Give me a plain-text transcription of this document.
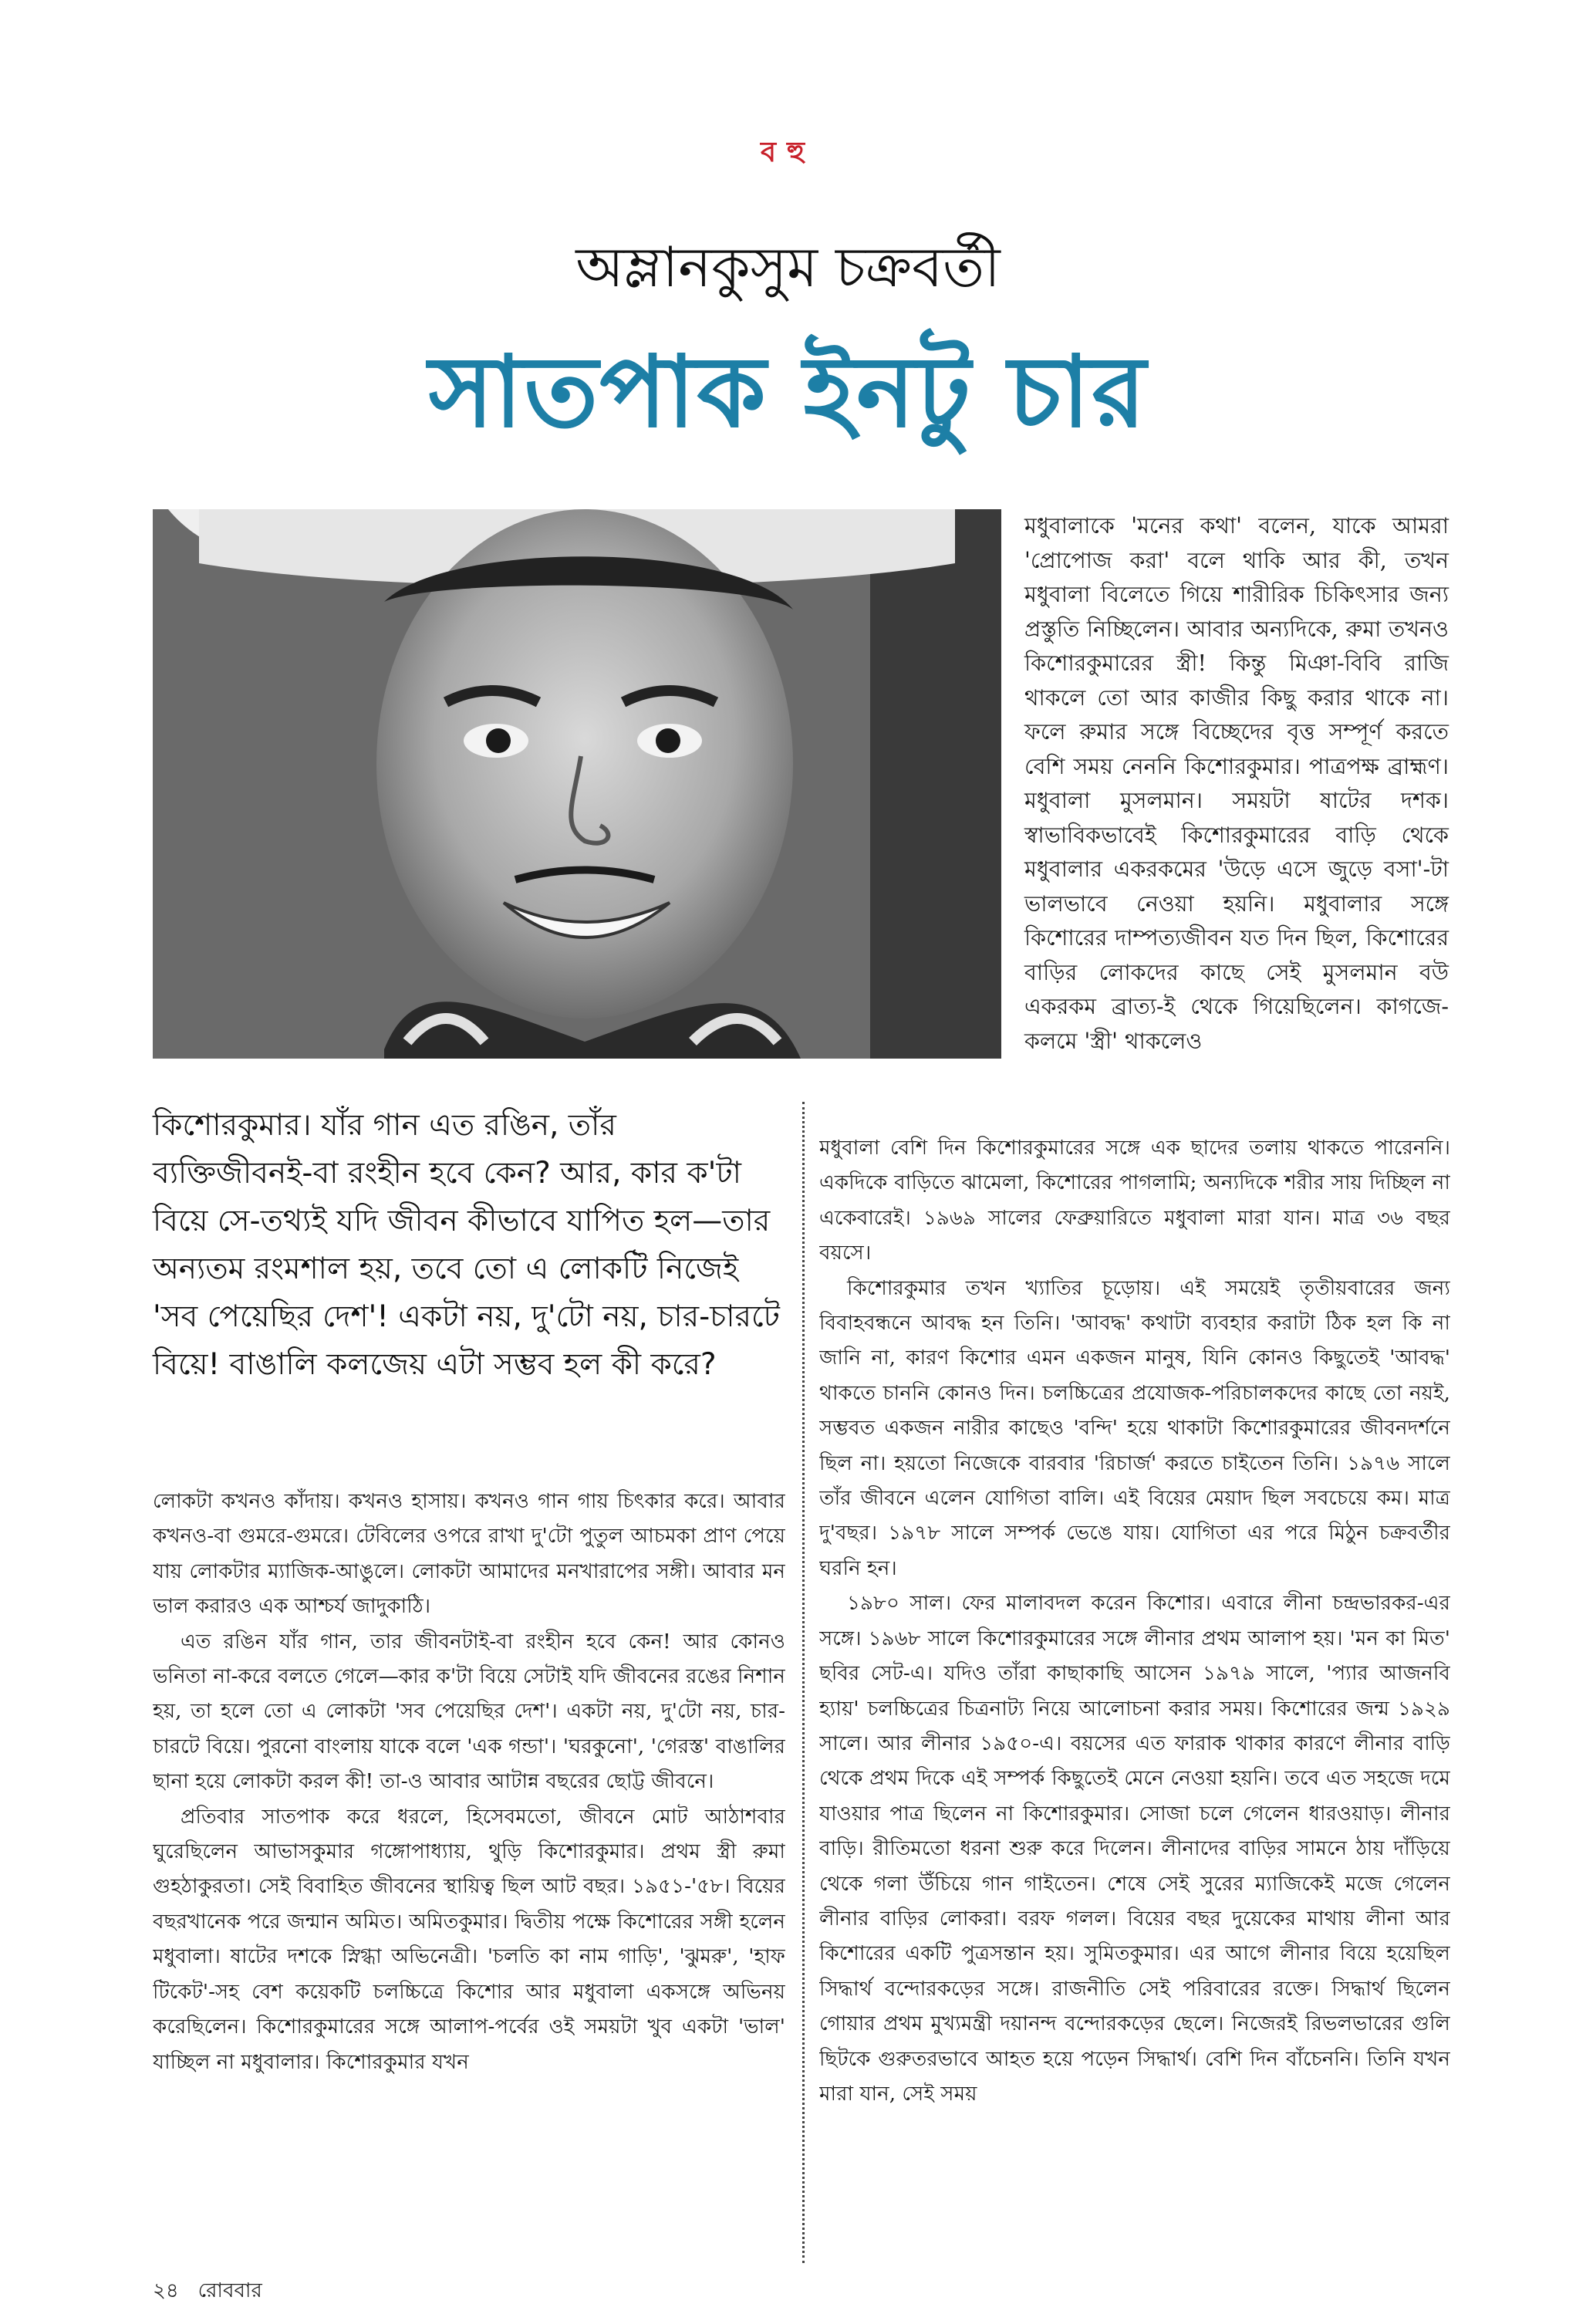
বহু
অম্লানকুসুম চক্রবর্তী
সাতপাক ইনটু চার

মধুবালাকে 'মনের কথা' বলেন, যাকে আমরা 'প্রোপোজ করা' বলে থাকি আর কী, তখন মধুবালা বিলেতে গিয়ে শারীরিক চিকিৎসার জন্য প্রস্তুতি নিচ্ছিলেন। আবার অন্যদিকে, রুমা তখনও কিশোরকুমারের স্ত্রী! কিন্তু মিঞা-বিবি রাজি থাকলে তো আর কাজীর কিছু করার থাকে না। ফলে রুমার সঙ্গে বিচ্ছেদের বৃত্ত সম্পূর্ণ করতে বেশি সময় নেননি কিশোরকুমার। পাত্রপক্ষ ব্রাহ্মণ। মধুবালা মুসলমান। সময়টা ষাটের দশক। স্বাভাবিকভাবেই কিশোরকুমারের বাড়ি থেকে মধুবালার একরকমের 'উড়ে এসে জুড়ে বসা'-টা ভালভাবে নেওয়া হয়নি। মধুবালার সঙ্গে কিশোরের দাম্পত্যজীবন যত দিন ছিল, কিশোরের বাড়ির লোকদের কাছে সেই মুসলমান বউ একরকম ব্রাত্য-ই থেকে গিয়েছিলেন। কাগজে-কলমে 'স্ত্রী' থাকলেও

কিশোরকুমার। যাঁর গান এত রঙিন, তাঁর ব্যক্তিজীবনই-বা রংহীন হবে কেন? আর, কার ক'টা বিয়ে সে-তথ্যই যদি জীবন কীভাবে যাপিত হল—তার অন্যতম রংমশাল হয়, তবে তো এ লোকটি নিজেই 'সব পেয়েছির দেশ'! একটা নয়, দু'টো নয়, চার-চারটে বিয়ে! বাঙালি কলজেয় এটা সম্ভব হল কী করে?

লোকটা কখনও কাঁদায়। কখনও হাসায়। কখনও গান গায় চিৎকার করে। আবার কখনও-বা গুমরে-গুমরে। টেবিলের ওপরে রাখা দু'টো পুতুল আচমকা প্রাণ পেয়ে যায় লোকটার ম্যাজিক-আঙুলে। লোকটা আমাদের মনখারাপের সঙ্গী। আবার মন ভাল করারও এক আশ্চর্য জাদুকাঠি।

এত রঙিন যাঁর গান, তার জীবনটাই-বা রংহীন হবে কেন! আর কোনও ভনিতা না-করে বলতে গেলে—কার ক'টা বিয়ে সেটাই যদি জীবনের রঙের নিশান হয়, তা হলে তো এ লোকটা 'সব পেয়েছির দেশ'। একটা নয়, দু'টো নয়, চার-চারটে বিয়ে। পুরনো বাংলায় যাকে বলে 'এক গন্ডা'। 'ঘরকুনো', 'গেরস্ত' বাঙালির ছানা হয়ে লোকটা করল কী! তা-ও আবার আটান্ন বছরের ছোট্ট জীবনে।

প্রতিবার সাতপাক করে ধরলে, হিসেবমতো, জীবনে মোট আঠাশবার ঘুরেছিলেন আভাসকুমার গঙ্গোপাধ্যায়, থুড়ি কিশোরকুমার। প্রথম স্ত্রী রুমা গুহঠাকুরতা। সেই বিবাহিত জীবনের স্থায়িত্ব ছিল আট বছর। ১৯৫১-'৫৮। বিয়ের বছরখানেক পরে জন্মান অমিত। অমিতকুমার। দ্বিতীয় পক্ষে কিশোরের সঙ্গী হলেন মধুবালা। ষাটের দশকে স্নিগ্ধা অভিনেত্রী। 'চলতি কা নাম গাড়ি', 'ঝুমরু', 'হাফ টিকেট'-সহ বেশ কয়েকটি চলচ্চিত্রে কিশোর আর মধুবালা একসঙ্গে অভিনয় করেছিলেন। কিশোরকুমারের সঙ্গে আলাপ-পর্বের ওই সময়টা খুব একটা 'ভাল' যাচ্ছিল না মধুবালার। কিশোরকুমার যখন

মধুবালা বেশি দিন কিশোরকুমারের সঙ্গে এক ছাদের তলায় থাকতে পারেননি। একদিকে বাড়িতে ঝামেলা, কিশোরের পাগলামি; অন্যদিকে শরীর সায় দিচ্ছিল না একেবারেই। ১৯৬৯ সালের ফেব্রুয়ারিতে মধুবালা মারা যান। মাত্র ৩৬ বছর বয়সে।

কিশোরকুমার তখন খ্যাতির চূড়োয়। এই সময়েই তৃতীয়বারের জন্য বিবাহবন্ধনে আবদ্ধ হন তিনি। 'আবদ্ধ' কথাটা ব্যবহার করাটা ঠিক হল কি না জানি না, কারণ কিশোর এমন একজন মানুষ, যিনি কোনও কিছুতেই 'আবদ্ধ' থাকতে চাননি কোনও দিন। চলচ্চিত্রের প্রযোজক-পরিচালকদের কাছে তো নয়ই, সম্ভবত একজন নারীর কাছেও 'বন্দি' হয়ে থাকাটা কিশোরকুমারের জীবনদর্শনে ছিল না। হয়তো নিজেকে বারবার 'রিচার্জ' করতে চাইতেন তিনি। ১৯৭৬ সালে তাঁর জীবনে এলেন যোগিতা বালি। এই বিয়ের মেয়াদ ছিল সবচেয়ে কম। মাত্র দু'বছর। ১৯৭৮ সালে সম্পর্ক ভেঙে যায়। যোগিতা এর পরে মিঠুন চক্রবর্তীর ঘরনি হন।

১৯৮০ সাল। ফের মালাবদল করেন কিশোর। এবারে লীনা চন্দ্রভারকর-এর সঙ্গে। ১৯৬৮ সালে কিশোরকুমারের সঙ্গে লীনার প্রথম আলাপ হয়। 'মন কা মিত' ছবির সেট-এ। যদিও তাঁরা কাছাকাছি আসেন ১৯৭৯ সালে, 'প্যার আজনবি হ্যায়' চলচ্চিত্রের চিত্রনাট্য নিয়ে আলোচনা করার সময়। কিশোরের জন্ম ১৯২৯ সালে। আর লীনার ১৯৫০-এ। বয়সের এত ফারাক থাকার কারণে লীনার বাড়ি থেকে প্রথম দিকে এই সম্পর্ক কিছুতেই মেনে নেওয়া হয়নি। তবে এত সহজে দমে যাওয়ার পাত্র ছিলেন না কিশোরকুমার। সোজা চলে গেলেন ধারওয়াড়। লীনার বাড়ি। রীতিমতো ধরনা শুরু করে দিলেন। লীনাদের বাড়ির সামনে ঠায় দাঁড়িয়ে থেকে গলা উঁচিয়ে গান গাইতেন। শেষে সেই সুরের ম্যাজিকেই মজে গেলেন লীনার বাড়ির লোকরা। বরফ গলল। বিয়ের বছর দুয়েকের মাথায় লীনা আর কিশোরের একটি পুত্রসন্তান হয়। সুমিতকুমার। এর আগে লীনার বিয়ে হয়েছিল সিদ্ধার্থ বন্দোরকড়ের সঙ্গে। রাজনীতি সেই পরিবারের রক্তে। সিদ্ধার্থ ছিলেন গোয়ার প্রথম মুখ্যমন্ত্রী দয়ানন্দ বন্দোরকড়ের ছেলে। নিজেরই রিভলভারের গুলি ছিটকে গুরুতরভাবে আহত হয়ে পড়েন সিদ্ধার্থ। বেশি দিন বাঁচেননি। তিনি যখন মারা যান, সেই সময়

২৪ রোববার
